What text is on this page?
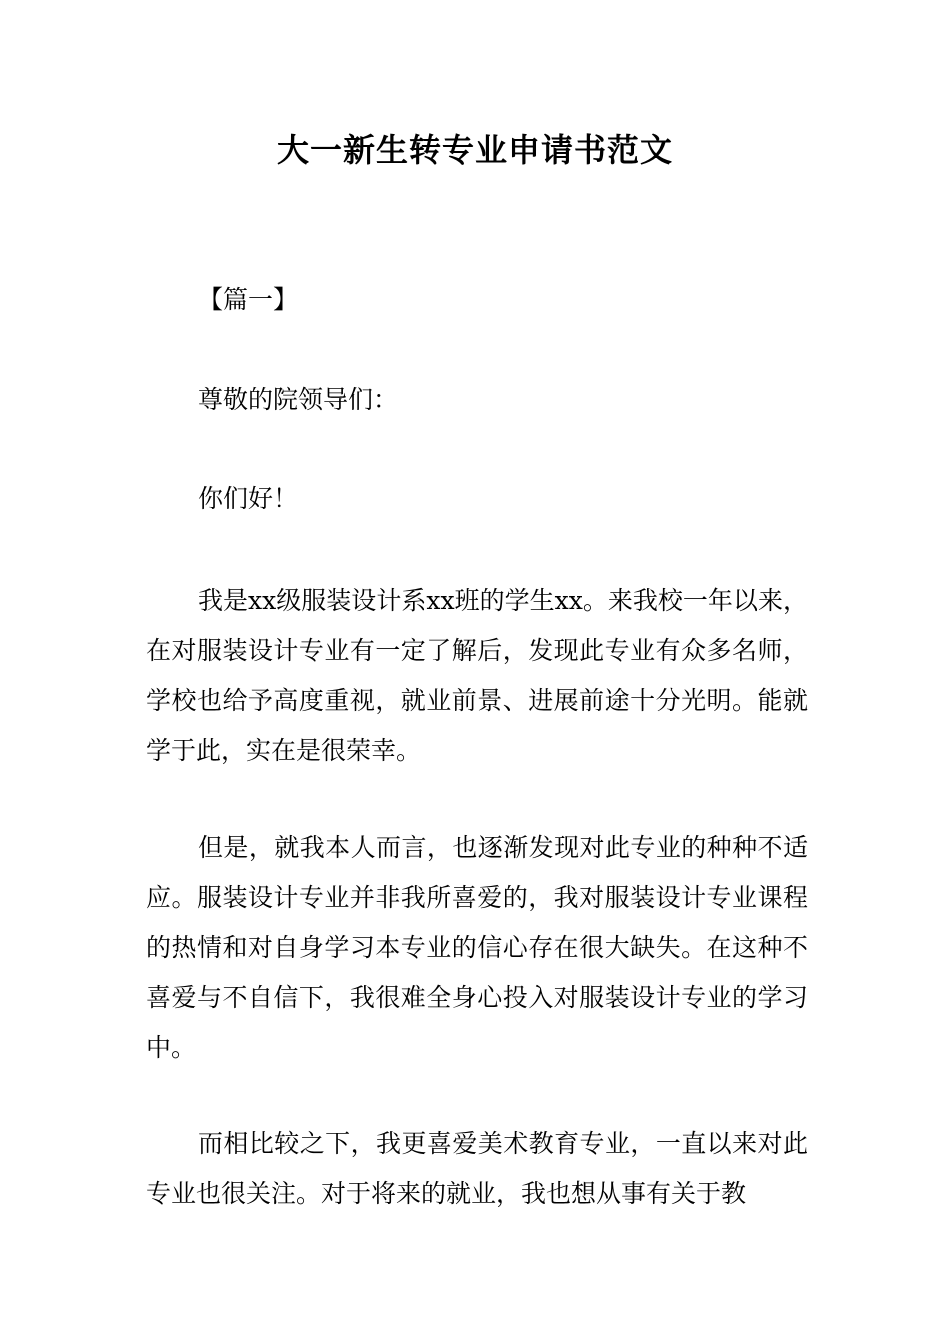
大一新生转专业申请书范文

【篇一】

尊敬的院领导们：

你们好！

我是xx级服装设计系xx班的学生xx。来我校一年以来，在对服装设计专业有一定了解后，发现此专业有众多名师，学校也给予高度重视，就业前景、进展前途十分光明。能就学于此，实在是很荣幸。

但是，就我本人而言，也逐渐发现对此专业的种种不适应。服装设计专业并非我所喜爱的，我对服装设计专业课程的热情和对自身学习本专业的信心存在很大缺失。在这种不喜爱与不自信下，我很难全身心投入对服装设计专业的学习中。

而相比较之下，我更喜爱美术教育专业，一直以来对此专业也很关注。对于将来的就业，我也想从事有关于教
